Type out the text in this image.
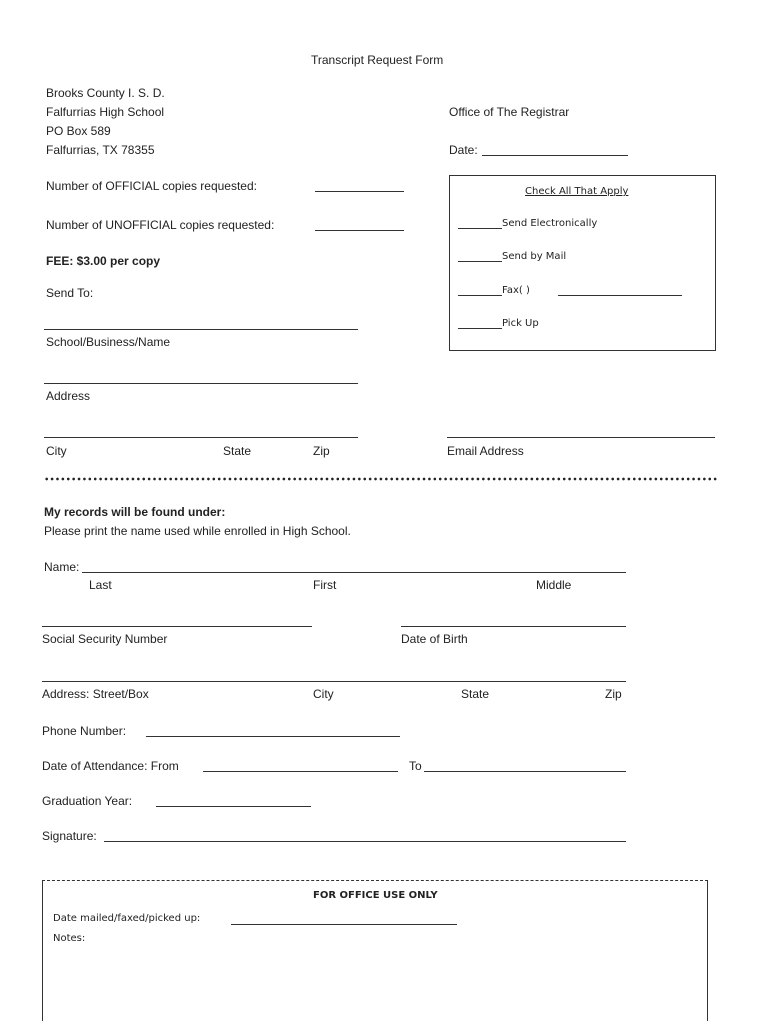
Transcript Request Form
Brooks County I. S. D.
Falfurrias High School
PO Box 589
Falfurrias, TX 78355
Office of The Registrar
Date:
Number of OFFICIAL copies requested:
Number of UNOFFICIAL copies requested:
FEE: $3.00 per copy
Send To:
Check All That Apply
Send Electronically
Send by Mail
Fax( )
Pick Up
School/Business/Name
Address
City	State	Zip	Email Address
My records will be found under:
Please print the name used while enrolled in High School.
Name:
Last	First	Middle
Social Security Number	Date of Birth
Address: Street/Box	City	State	Zip
Phone Number:
Date of Attendance: From	To
Graduation Year:
Signature:
FOR OFFICE USE ONLY
Date mailed/faxed/picked up:
Notes:
